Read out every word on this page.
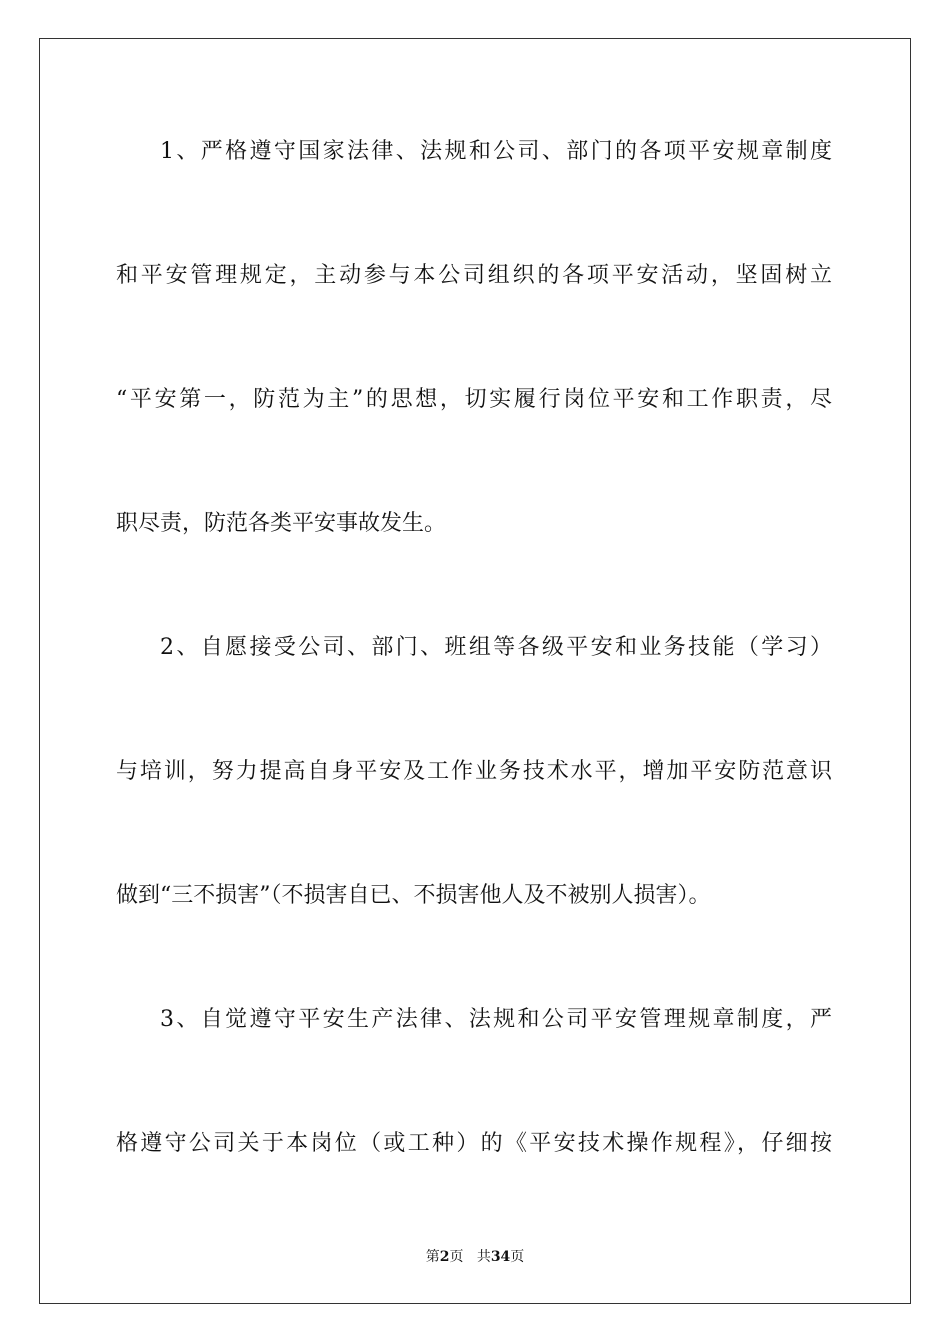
1、严格遵守国家法律、法规和公司、部门的各项平安规章制度
和平安管理规定，主动参与本公司组织的各项平安活动，坚固树立
“平安第一，防范为主”的思想，切实履行岗位平安和工作职责，尽
职尽责，防范各类平安事故发生。
2、自愿接受公司、部门、班组等各级平安和业务技能（学习）
与培训，努力提高自身平安及工作业务技术水平，增加平安防范意识
做到“三不损害”（不损害自已、不损害他人及不被别人损害）。
3、自觉遵守平安生产法律、法规和公司平安管理规章制度，严
格遵守公司关于本岗位（或工种）的《平安技术操作规程》，仔细按
第2页 共34页
